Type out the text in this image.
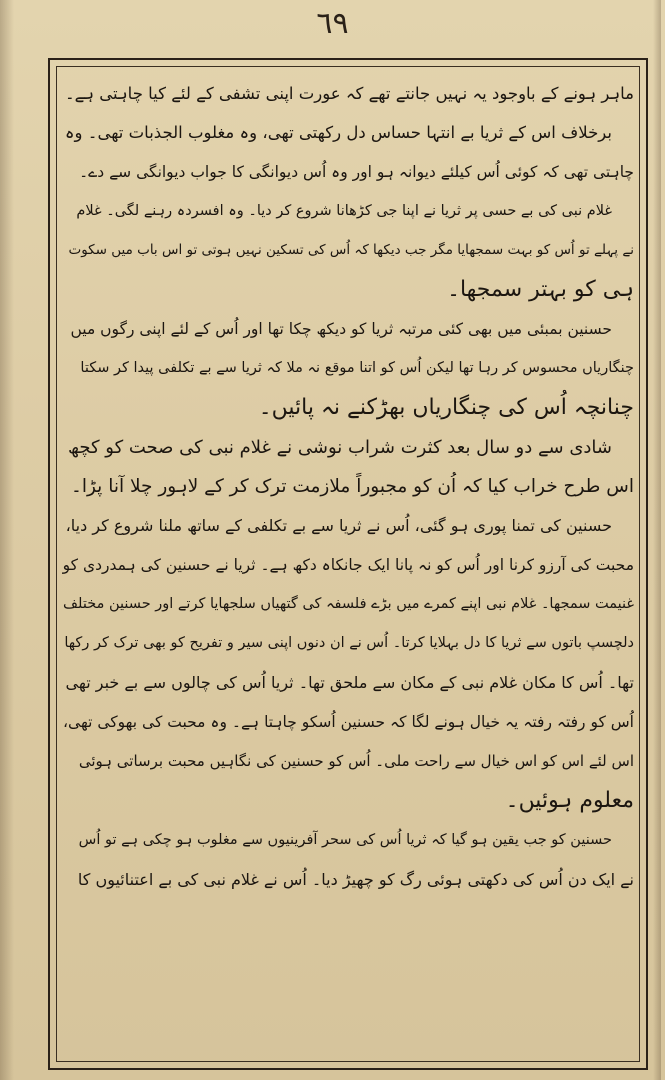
٦٩
ماہر ہونے کے باوجود یہ نہیں جانتے تھے کہ عورت اپنی تشفی کے لئے کیا چاہتی ہے۔
برخلاف اس کے ثریا بے انتہا حساس دل رکھتی تھی، وہ مغلوب الجذبات تھی۔ وہ
چاہتی تھی کہ کوئی اُس کیلئے دیوانہ ہو اور وہ اُس دیوانگی کا جواب دیوانگی سے دے۔
غلام نبی کی بے حسی پر ثریا نے اپنا جی کڑھانا شروع کر دیا۔ وہ افسردہ رہنے لگی۔ غلام
نے پہلے تو اُس کو بہت سمجھایا مگر جب دیکھا کہ اُس کی تسکین نہیں ہوتی تو اس باب میں سکوت
ہی کو بہتر سمجھا۔
حسنین بمبئی میں بھی کئی مرتبہ ثریا کو دیکھ چکا تھا اور اُس کے لئے اپنی رگوں میں
چنگاریاں محسوس کر رہا تھا لیکن اُس کو اتنا موقع نہ ملا کہ ثریا سے بے تکلفی پیدا کر سکتا
چنانچہ اُس کی چنگاریاں بھڑکنے نہ پائیں۔
شادی سے دو سال بعد کثرت شراب نوشی نے غلام نبی کی صحت کو کچھ
اس طرح خراب کیا کہ اُن کو مجبوراً ملازمت ترک کر کے لاہور چلا آنا پڑا۔
حسنین کی تمنا پوری ہو گئی، اُس نے ثریا سے بے تکلفی کے ساتھ ملنا شروع کر دیا،
محبت کی آرزو کرنا اور اُس کو نہ پانا ایک جانکاہ دکھ ہے۔ ثریا نے حسنین کی ہمدردی کو
غنیمت سمجھا۔ غلام نبی اپنے کمرے میں بڑے فلسفہ کی گتھیاں سلجھایا کرتے اور حسنین مختلف
دلچسپ باتوں سے ثریا کا دل بہلایا کرتا۔ اُس نے ان دنوں اپنی سیر و تفریح کو بھی ترک کر رکھا
تھا۔ اُس کا مکان غلام نبی کے مکان سے ملحق تھا۔ ثریا اُس کی چالوں سے بے خبر تھی
اُس کو رفتہ رفتہ یہ خیال ہونے لگا کہ حسنین اُسکو چاہتا ہے۔ وہ محبت کی بھوکی تھی،
اس لئے اس کو اس خیال سے راحت ملی۔ اُس کو حسنین کی نگاہیں محبت برساتی ہوئی
معلوم ہوئیں۔
حسنین کو جب یقین ہو گیا کہ ثریا اُس کی سحر آفرینیوں سے مغلوب ہو چکی ہے تو اُس
نے ایک دن اُس کی دکھتی ہوئی رگ کو چھیڑ دیا۔ اُس نے غلام نبی کی بے اعتنائیوں کا
